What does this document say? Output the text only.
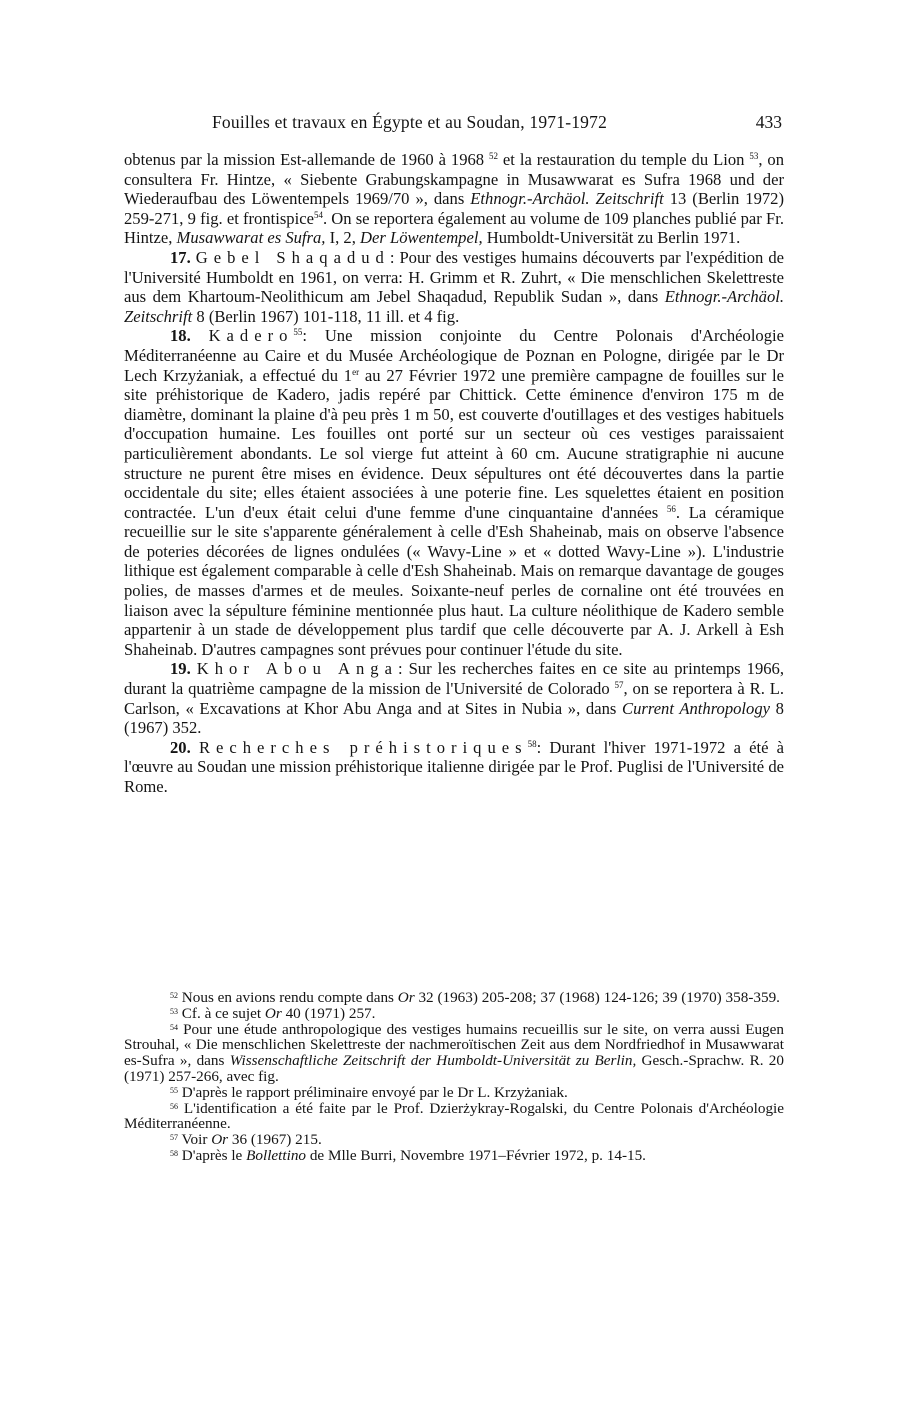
Fouilles et travaux en Égypte et au Soudan, 1971-1972	433

obtenus par la mission Est-allemande de 1960 à 1968 $^{52}$ et la restauration du temple du Lion $^{53}$, on consultera Fr. Hintze, « Siebente Grabungskampagne in Musawwarat es Sufra 1968 und der Wiederaufbau des Löwentempels 1969/70 », dans Ethnogr.-Archäol. Zeitschrift 13 (Berlin 1972) 259-271, 9 fig. et frontispice$^{54}$. On se reportera également au volume de 109 planches publié par Fr. Hintze, Musawwarat es Sufra, I, 2, Der Löwentempel, Humboldt-Universität zu Berlin 1971.

17. Gebel Shaqadud: Pour des vestiges humains découverts par l'expédition de l'Université Humboldt en 1961, on verra: H. Grimm et R. Zuhrt, « Die menschlichen Skelettreste aus dem Khartoum-Neolithicum am Jebel Shaqadud, Republik Sudan », dans Ethnogr.-Archäol. Zeitschrift 8 (Berlin 1967) 101-118, 11 ill. et 4 fig.

18. Kadero$^{55}$: Une mission conjointe du Centre Polonais d'Archéologie Méditerranéenne au Caire et du Musée Archéologique de Poznan en Pologne, dirigée par le Dr Lech Krzyżaniak, a effectué du 1er au 27 Février 1972 une première campagne de fouilles sur le site préhistorique de Kadero, jadis repéré par Chittick. Cette éminence d'environ 175 m de diamètre, dominant la plaine d'à peu près 1 m 50, est couverte d'outillages et des vestiges habituels d'occupation humaine. Les fouilles ont porté sur un secteur où ces vestiges paraissaient particulièrement abondants. Le sol vierge fut atteint à 60 cm. Aucune stratigraphie ni aucune structure ne purent être mises en évidence. Deux sépultures ont été découvertes dans la partie occidentale du site; elles étaient associées à une poterie fine. Les squelettes étaient en position contractée. L'un d'eux était celui d'une femme d'une cinquantaine d'années $^{56}$. La céramique recueillie sur le site s'apparente généralement à celle d'Esh Shaheinab, mais on observe l'absence de poteries décorées de lignes ondulées (« Wavy-Line » et « dotted Wavy-Line »). L'industrie lithique est également comparable à celle d'Esh Shaheinab. Mais on remarque davantage de gouges polies, de masses d'armes et de meules. Soixante-neuf perles de cornaline ont été trouvées en liaison avec la sépulture féminine mentionnée plus haut. La culture néolithique de Kadero semble appartenir à un stade de développement plus tardif que celle découverte par A. J. Arkell à Esh Shaheinab. D'autres campagnes sont prévues pour continuer l'étude du site.

19. Khor Abou Anga: Sur les recherches faites en ce site au printemps 1966, durant la quatrième campagne de la mission de l'Université de Colorado $^{57}$, on se reportera à R. L. Carlson, « Excavations at Khor Abu Anga and at Sites in Nubia », dans Current Anthropology 8 (1967) 352.

20. Recherches préhistoriques$^{58}$: Durant l'hiver 1971-1972 a été à l'œuvre au Soudan une mission préhistorique italienne dirigée par le Prof. Puglisi de l'Université de Rome.

$^{52}$ Nous en avions rendu compte dans Or 32 (1963) 205-208; 37 (1968) 124-126; 39 (1970) 358-359.

$^{53}$ Cf. à ce sujet Or 40 (1971) 257.

$^{54}$ Pour une étude anthropologique des vestiges humains recueillis sur le site, on verra aussi Eugen Strouhal, « Die menschlichen Skelettreste der nachmeroïtischen Zeit aus dem Nordfriedhof in Musawwarat es-Sufra », dans Wissenschaftliche Zeitschrift der Humboldt-Universität zu Berlin, Gesch.-Sprachw. R. 20 (1971) 257-266, avec fig.

$^{55}$ D'après le rapport préliminaire envoyé par le Dr L. Krzyżaniak.

$^{56}$ L'identification a été faite par le Prof. Dzierżykray-Rogalski, du Centre Polonais d'Archéologie Méditerranéenne.

$^{57}$ Voir Or 36 (1967) 215.

$^{58}$ D'après le Bollettino de Mlle Burri, Novembre 1971–Février 1972, p. 14-15.
